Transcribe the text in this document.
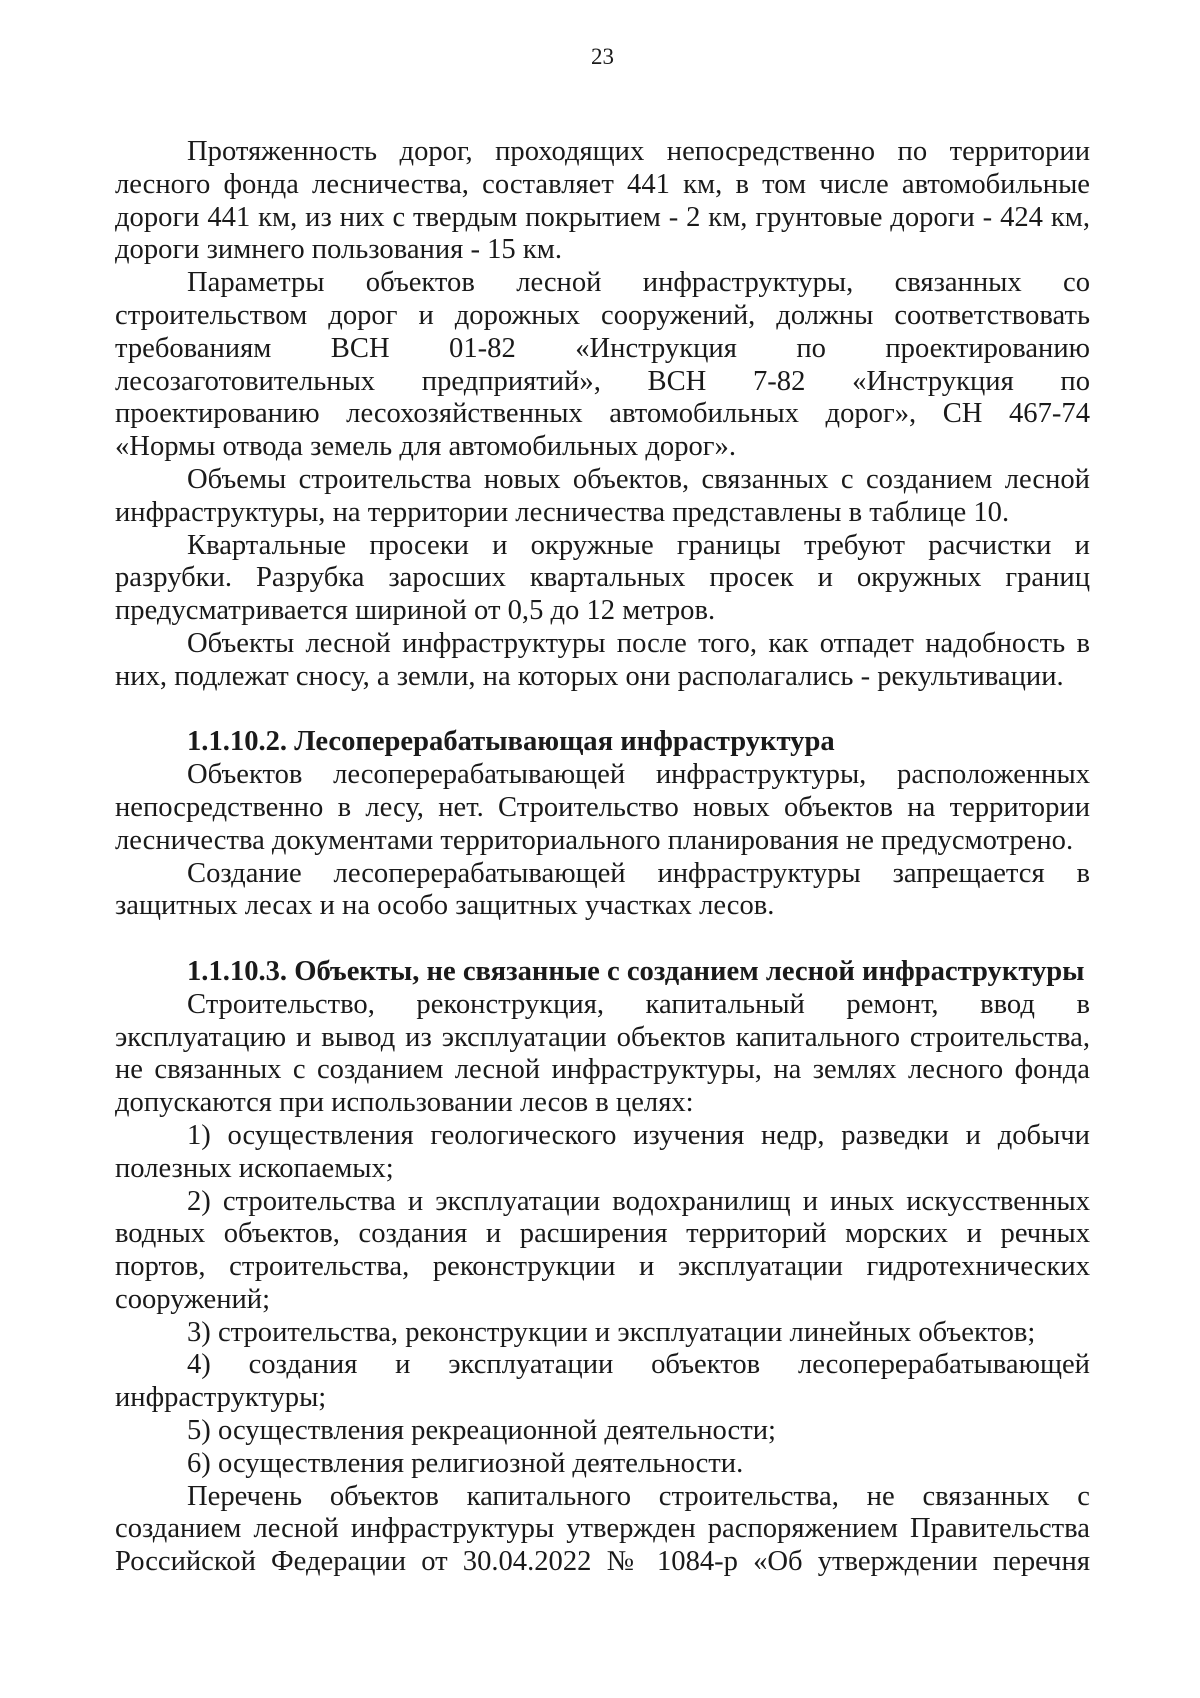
23

Протяженность дорог, проходящих непосредственно по территории лесного фонда лесничества, составляет 441 км, в том числе автомобильные дороги 441 км, из них с твердым покрытием - 2 км, грунтовые дороги - 424 км, дороги зимнего пользования - 15 км.

Параметры объектов лесной инфраструктуры, связанных со строительством дорог и дорожных сооружений, должны соответствовать требованиям ВСН 01-82 «Инструкция по проектированию лесозаготовительных предприятий», ВСН 7-82 «Инструкция по проектированию лесохозяйственных автомобильных дорог», СН 467-74 «Нормы отвода земель для автомобильных дорог».

Объемы строительства новых объектов, связанных с созданием лесной инфраструктуры, на территории лесничества представлены в таблице 10.

Квартальные просеки и окружные границы требуют расчистки и разрубки. Разрубка заросших квартальных просек и окружных границ предусматривается шириной от 0,5 до 12 метров.

Объекты лесной инфраструктуры после того, как отпадет надобность в них, подлежат сносу, а земли, на которых они располагались - рекультивации.

1.1.10.2. Лесоперерабатывающая инфраструктура

Объектов лесоперерабатывающей инфраструктуры, расположенных непосредственно в лесу, нет. Строительство новых объектов на территории лесничества документами территориального планирования не предусмотрено.

Создание лесоперерабатывающей инфраструктуры запрещается в защитных лесах и на особо защитных участках лесов.

1.1.10.3. Объекты, не связанные с созданием лесной инфраструктуры

Строительство, реконструкция, капитальный ремонт, ввод в эксплуатацию и вывод из эксплуатации объектов капитального строительства, не связанных с созданием лесной инфраструктуры, на землях лесного фонда допускаются при использовании лесов в целях:

1) осуществления геологического изучения недр, разведки и добычи полезных ископаемых;

2) строительства и эксплуатации водохранилищ и иных искусственных водных объектов, создания и расширения территорий морских и речных портов, строительства, реконструкции и эксплуатации гидротехнических сооружений;

3) строительства, реконструкции и эксплуатации линейных объектов;

4) создания и эксплуатации объектов лесоперерабатывающей инфраструктуры;

5) осуществления рекреационной деятельности;

6) осуществления религиозной деятельности.

Перечень объектов капитального строительства, не связанных с созданием лесной инфраструктуры утвержден распоряжением Правительства Российской Федерации от 30.04.2022 № 1084-р «Об утверждении перечня
